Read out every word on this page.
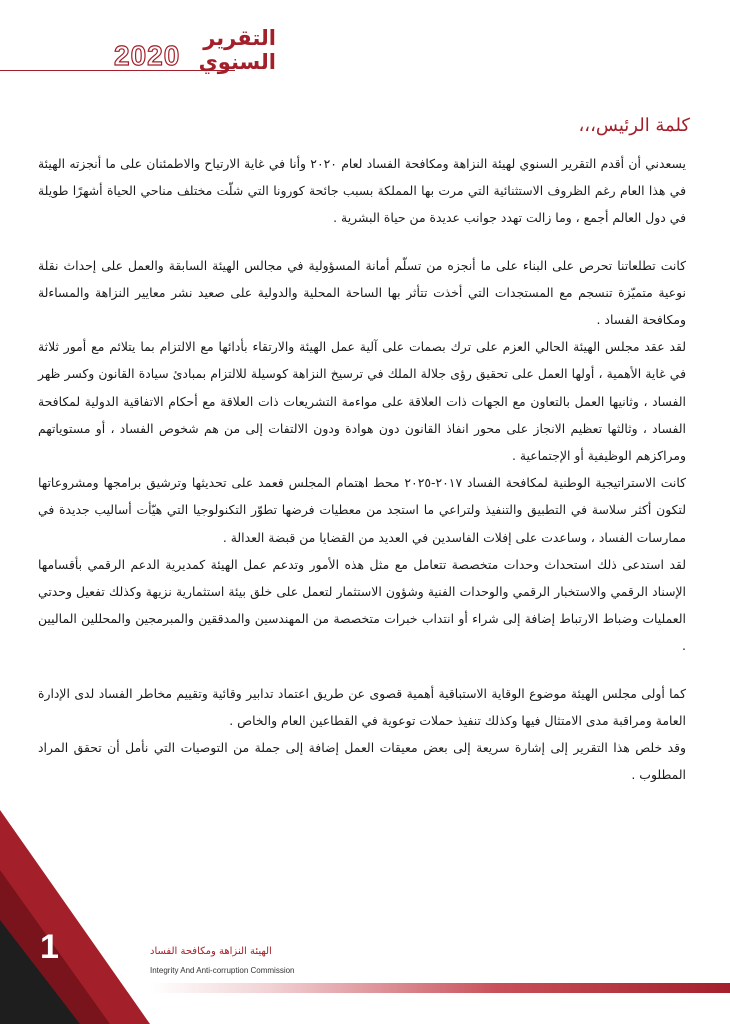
2020
التقرير
السنوي
كلمة الرئيس،،،

يسعدني أن أقدم التقرير السنوي لهيئة النزاهة ومكافحة الفساد لعام ٢٠٢٠ وأنا في غاية الارتياح والاطمئنان على ما أنجزته الهيئة في هذا العام رغم الظروف الاستثنائية التي مرت بها المملكة بسبب جائحة كورونا التي شلّت مختلف مناحي الحياة أشهرًا طويلة في دول العالم أجمع ، وما زالت تهدد جوانب عديدة من حياة البشرية .

كانت تطلعاتنا تحرص على البناء على ما أنجزه من تسلّم أمانة المسؤولية في مجالس الهيئة السابقة والعمل على إحداث نقلة نوعية متميّزة تنسجم مع المستجدات التي أخذت تتأثر بها الساحة المحلية والدولية على صعيد نشر معايير النزاهة والمساءلة ومكافحة الفساد .

لقد عقد مجلس الهيئة الحالي العزم على ترك بصمات على آلية عمل الهيئة والارتقاء بأدائها مع الالتزام بما يتلائم مع أمور ثلاثة في غاية الأهمية ، أولها العمل على تحقيق رؤى جلالة الملك في ترسيخ النزاهة كوسيلة للالتزام بمبادئ سيادة القانون وكسر ظهر الفساد ، وثانيها العمل بالتعاون مع الجهات ذات العلاقة على مواءمة التشريعات ذات العلاقة مع أحكام الاتفاقية الدولية لمكافحة الفساد ، وثالثها تعظيم الانجاز على محور انفاذ القانون دون هوادة ودون الالتفات إلى من هم شخوص الفساد ، أو مستوياتهم ومراكزهم الوظيفية أو الإجتماعية .

كانت الاستراتيجية الوطنية لمكافحة الفساد ٢٠١٧-٢٠٢٥ محط اهتمام المجلس فعمد على تحديثها وترشيق برامجها ومشروعاتها لتكون أكثر سلاسة في التطبيق والتنفيذ ولتراعي ما استجد من معطيات فرضها تطوّر التكنولوجيا التي هيّأت أساليب جديدة في ممارسات الفساد ، وساعدت على إفلات الفاسدين في العديد من القضايا من قبضة العدالة .

لقد استدعى ذلك استحداث وحدات متخصصة تتعامل مع مثل هذه الأمور وتدعم عمل الهيئة كمديرية الدعم الرقمي بأقسامها الإسناد الرقمي والاستخبار الرقمي والوحدات الفنية وشؤون الاستثمار لتعمل على خلق بيئة استثمارية نزيهة وكذلك تفعيل وحدتي العمليات وضباط الارتباط إضافة إلى شراء أو انتداب خبرات متخصصة من المهندسين والمدققين والمبرمجين والمحللين الماليين .

كما أولى مجلس الهيئة موضوع الوقاية الاستباقية أهمية قصوى عن طريق اعتماد تدابير وقائية وتقييم مخاطر الفساد لدى الإدارة العامة ومراقبة مدى الامتثال فيها وكذلك تنفيذ حملات توعوية في القطاعين العام والخاص .

وقد خلص هذا التقرير إلى إشارة سريعة إلى بعض معيقات العمل إضافة إلى جملة من التوصيات التي نأمل أن تحقق المراد المطلوب .

1	الهيئة النزاهة ومكافحة الفساد
Integrity And Anti-corruption Commission
